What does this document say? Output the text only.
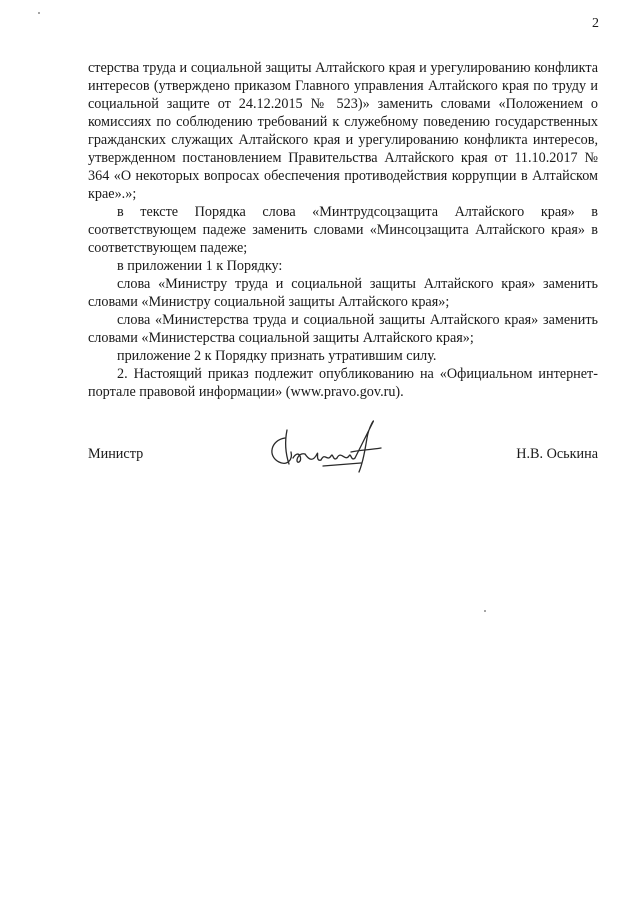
2

стерства труда и социальной защиты Алтайского края и урегулированию конфликта интересов (утверждено приказом Главного управления Алтайского края по труду и социальной защите от 24.12.2015 № 523)» заменить словами «Положением о комиссиях по соблюдению требований к служебному поведению государственных гражданских служащих Алтайского края и урегулированию конфликта интересов, утвержденном постановлением Правительства Алтайского края от 11.10.2017 № 364 «О некоторых вопросах обеспечения противодействия коррупции в Алтайском крае».»;

в тексте Порядка слова «Минтрудсоцзащита Алтайского края» в соответствующем падеже заменить словами «Минсоцзащита Алтайского края» в соответствующем падеже;

в приложении 1 к Порядку:

слова «Министру труда и социальной защиты Алтайского края» заменить словами «Министру социальной защиты Алтайского края»;

слова «Министерства труда и социальной защиты Алтайского края» заменить словами «Министерства социальной защиты Алтайского края»;

приложение 2 к Порядку признать утратившим силу.

2. Настоящий приказ подлежит опубликованию на «Официальном интернет-портале правовой информации» (www.pravo.gov.ru).

Министр	Н.В. Оськина
